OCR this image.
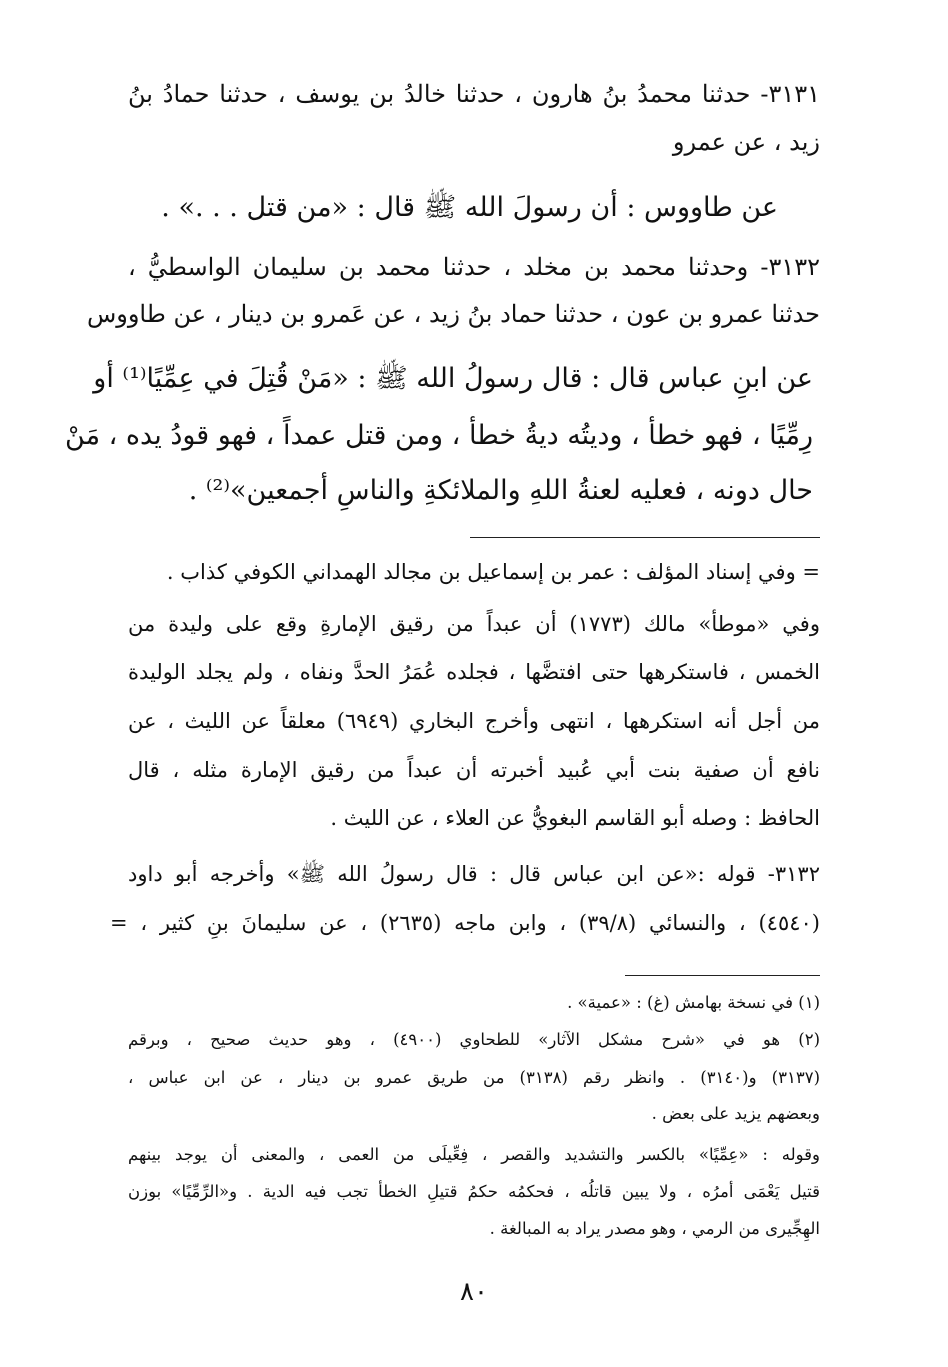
٣١٣١- حدثنا محمدُ بنُ هارون ، حدثنا خالدُ بن يوسف ، حدثنا حمادُ بنُ
زيد ، عن عمرو
عن طاووس : أن رسولَ الله ﷺ قال : «من قتل . . .» .
٣١٣٢- وحدثنا محمد بن مخلد ، حدثنا محمد بن سليمان الواسطيُّ ،
حدثنا عمرو بن عون ، حدثنا حماد بنُ زيد ، عن عَمرو بن دينار ، عن طاووس
عن ابنِ عباس قال : قال رسولُ الله ﷺ : «مَنْ قُتِلَ في عِمِّيًا⁽¹⁾ أو
رِمِّيًا ، فهو خطأ ، وديتُه ديةُ خطأ ، ومن قتل عمداً ، فهو قودُ يده ، مَنْ
حال دونه ، فعليه لعنةُ اللهِ والملائكةِ والناسِ أجمعين»⁽²⁾ .
= وفي إسناد المؤلف : عمر بن إسماعيل بن مجالد الهمداني الكوفي كذاب .
وفي «موطأ» مالك (١٧٧٣) أن عبداً من رقيق الإمارةِ وقع على وليدة من
الخمس ، فاستكرهها حتى افتضَّها ، فجلده عُمَرُ الحدَّ ونفاه ، ولم يجلد الوليدة
من أجل أنه استكرهها ، انتهى وأخرج البخاري (٦٩٤٩) معلقاً عن الليث ، عن
نافع أن صفية بنت أبي عُبيد أخبرته أن عبداً من رقيق الإمارة مثله ، قال
الحافظ : وصله أبو القاسم البغويُّ عن العلاء ، عن الليث .
٣١٣٢- قوله :«عن ابن عباس قال : قال رسولُ الله ﷺ» وأخرجه أبو داود
(٤٥٤٠) ، والنسائي (٣٩/٨) ، وابن ماجه (٢٦٣٥) ، عن سليمانَ بنِ كثير ، =
(١) في نسخة بهامش (غ) : «عمية» .
(٢) هو في «شرح مشكل الآثار» للطحاوي (٤٩٠٠) ، وهو حديث صحيح ، وبرقم
(٣١٣٧) و(٣١٤٠) . وانظر رقم (٣١٣٨) من طريق عمرو بن دينار ، عن ابن عباس ،
وبعضهم يزيد على بعض .
وقوله : «عِمِّيًا» بالكسر والتشديد والقصر ، فِعِّيلَى من العمى ، والمعنى أن يوجد بينهم
قتيل يَعْمَى أمرُه ، ولا يبين قاتلُه ، فحكمُه حكمُ قتيلِ الخطأ تجب فيه الدية . و«الرِّمِّيًا» بوزن
الهِجِّيرى من الرمي ، وهو مصدر يراد به المبالغة .
٨٠
